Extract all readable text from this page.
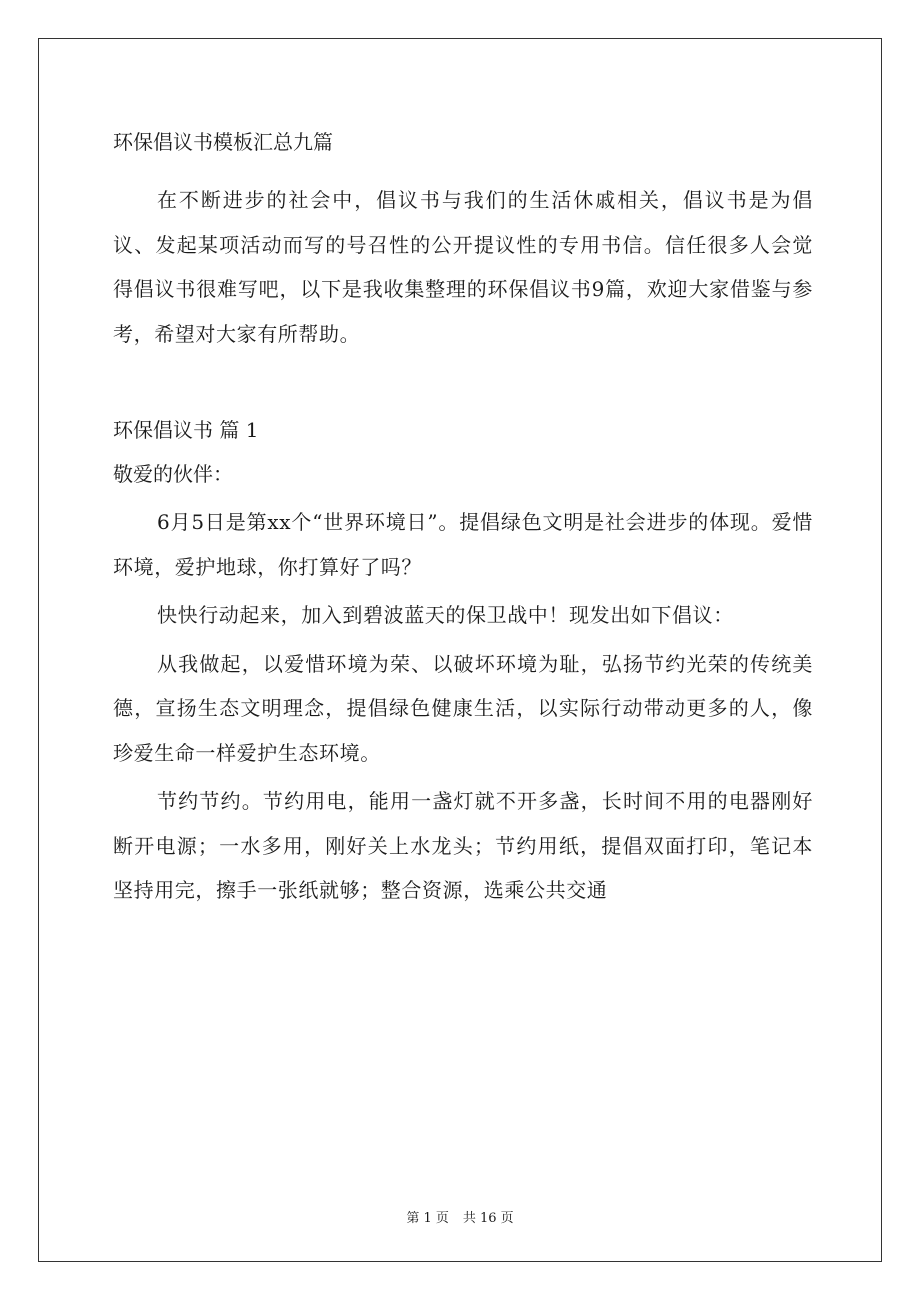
环保倡议书模板汇总九篇

在不断进步的社会中，倡议书与我们的生活休戚相关，倡议书是为倡议、发起某项活动而写的号召性的公开提议性的专用书信。信任很多人会觉得倡议书很难写吧，以下是我收集整理的环保倡议书9篇，欢迎大家借鉴与参考，希望对大家有所帮助。

环保倡议书 篇 1

敬爱的伙伴：

6月5日是第xx个“世界环境日”。提倡绿色文明是社会进步的体现。爱惜环境，爱护地球，你打算好了吗？

快快行动起来，加入到碧波蓝天的保卫战中！现发出如下倡议：

从我做起，以爱惜环境为荣、以破坏环境为耻，弘扬节约光荣的传统美德，宣扬生态文明理念，提倡绿色健康生活，以实际行动带动更多的人，像珍爱生命一样爱护生态环境。

节约节约。节约用电，能用一盏灯就不开多盏，长时间不用的电器刚好断开电源；一水多用，刚好关上水龙头；节约用纸，提倡双面打印，笔记本坚持用完，擦手一张纸就够；整合资源，选乘公共交通

第 1 页 共 16 页
